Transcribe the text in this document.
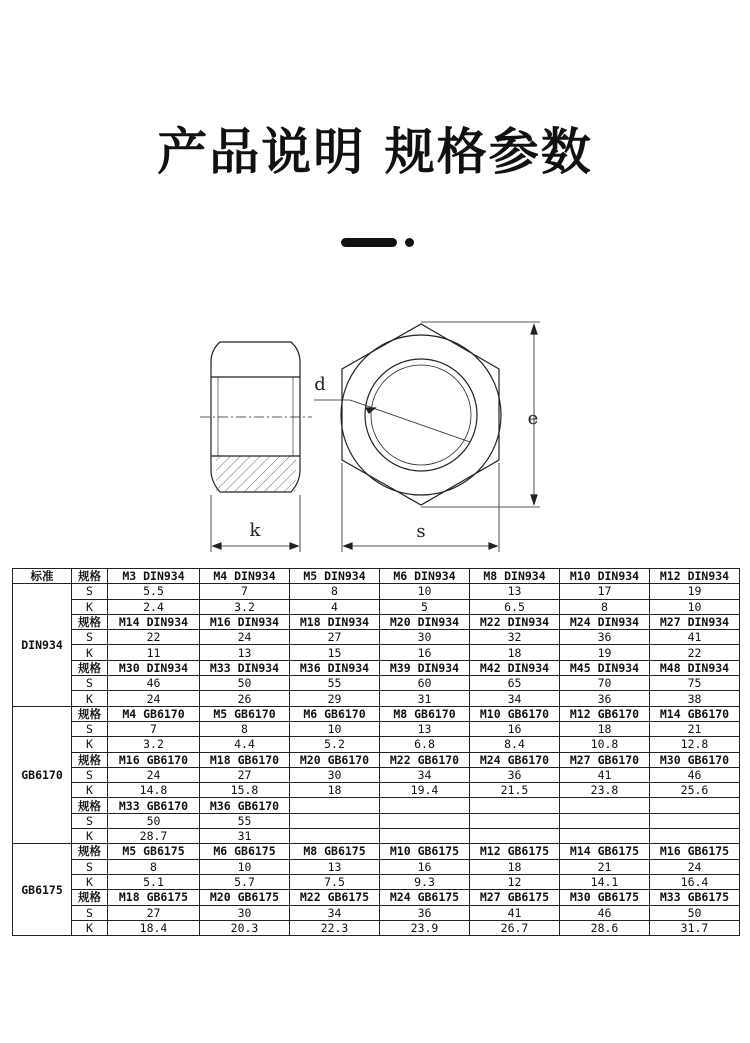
产品说明 规格参数
k
d
e
s
标准	规格	M3 DIN934	M4 DIN934	M5 DIN934	M6 DIN934	M8 DIN934	M10 DIN934	M12 DIN934
DIN934	S	5.5	7	8	10	13	17	19
	K	2.4	3.2	4	5	6.5	8	10
	规格	M14 DIN934	M16 DIN934	M18 DIN934	M20 DIN934	M22 DIN934	M24 DIN934	M27 DIN934
	S	22	24	27	30	32	36	41
	K	11	13	15	16	18	19	22
	规格	M30 DIN934	M33 DIN934	M36 DIN934	M39 DIN934	M42 DIN934	M45 DIN934	M48 DIN934
	S	46	50	55	60	65	70	75
	K	24	26	29	31	34	36	38
GB6170	规格	M4 GB6170	M5 GB6170	M6 GB6170	M8 GB6170	M10 GB6170	M12 GB6170	M14 GB6170
	S	7	8	10	13	16	18	21
	K	3.2	4.4	5.2	6.8	8.4	10.8	12.8
	规格	M16 GB6170	M18 GB6170	M20 GB6170	M22 GB6170	M24 GB6170	M27 GB6170	M30 GB6170
	S	24	27	30	34	36	41	46
	K	14.8	15.8	18	19.4	21.5	23.8	25.6
	规格	M33 GB6170	M36 GB6170					
	S	50	55					
	K	28.7	31					
GB6175	规格	M5 GB6175	M6 GB6175	M8 GB6175	M10 GB6175	M12 GB6175	M14 GB6175	M16 GB6175
	S	8	10	13	16	18	21	24
	K	5.1	5.7	7.5	9.3	12	14.1	16.4
	规格	M18 GB6175	M20 GB6175	M22 GB6175	M24 GB6175	M27 GB6175	M30 GB6175	M33 GB6175
	S	27	30	34	36	41	46	50
	K	18.4	20.3	22.3	23.9	26.7	28.6	31.7
